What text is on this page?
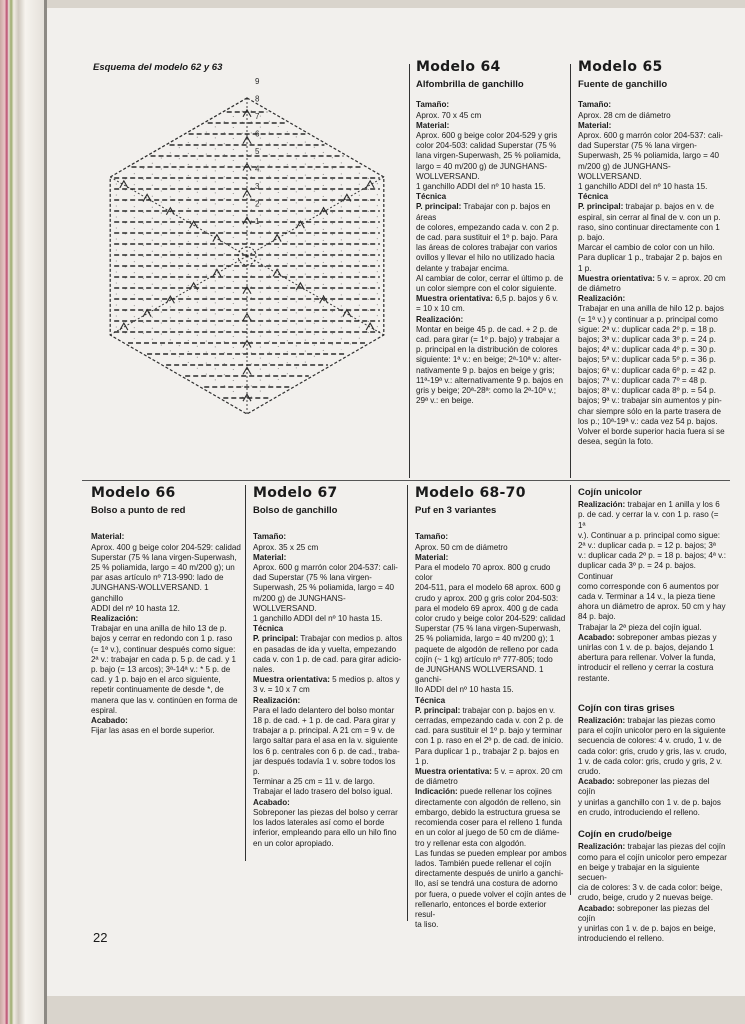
Esquema del modelo 62 y 63
9
8
7
6
5
4
3
2
1
Modelo 64
Alfombrilla de ganchillo

Tamaño:

Aprox. 70 x 45 cm

Material:

Aprox. 600 g beige color 204-529 y gris

color 204-503: calidad Superstar (75 %

lana virgen-Superwash, 25 % poliamida,

largo = 40 m/200 g) de JUNGHANS-

WOLLVERSAND.

1 ganchillo ADDI del nº 10 hasta 15.

Técnica

P. principal: Trabajar con p. bajos en áreas

de colores, empezando cada v. con 2 p.

de cad. para sustituir el 1º p. bajo. Para

las áreas de colores trabajar con varios

ovillos y llevar el hilo no utilizado hacia

delante y trabajar encima.

Al cambiar de color, cerrar el último p. de

un color siempre con el color siguiente.

Muestra orientativa: 6,5 p. bajos y 6 v.

= 10 x 10 cm.

Realización:

Montar en beige 45 p. de cad. + 2 p. de

cad. para girar (= 1º p. bajo) y trabajar a

p. principal en la distribución de colores

siguiente: 1ª v.: en beige; 2ª-10ª v.: alter-

nativamente 9 p. bajos en beige y gris;

11ª-19ª v.: alternativamente 9 p. bajos en

gris y beige; 20ª-28ª: como la 2ª-10ª v.;

29ª v.: en beige.

Modelo 65
Fuente de ganchillo

Tamaño:

Aprox. 28 cm de diámetro

Material:

Aprox. 600 g marrón color 204-537: cali-

dad Superstar (75 % lana virgen-

Superwash, 25 % poliamida, largo = 40

m/200 g) de JUNGHANS- WOLLVERSAND.

1 ganchillo ADDI del nº 10 hasta 15.

Técnica

P. principal: trabajar p. bajos en v. de

espiral, sin cerrar al final de v. con un p.

raso, sino continuar directamente con 1

p. bajo.

Marcar el cambio de color con un hilo.

Para duplicar 1 p., trabajar 2 p. bajos en

1 p.

Muestra orientativa: 5 v. = aprox. 20 cm

de diámetro

Realización:

Trabajar en una anilla de hilo 12 p. bajos

(= 1ª v.) y continuar a p. principal como

sigue: 2ª v.: duplicar cada 2º p. = 18 p.

bajos; 3ª v.: duplicar cada 3º p. = 24 p.

bajos; 4ª v.: duplicar cada 4º p. = 30 p.

bajos; 5ª v.: duplicar cada 5º p. = 36 p.

bajos; 6ª v.: duplicar cada 6º p. = 42 p.

bajos; 7ª v.: duplicar cada 7º = 48 p.

bajos; 8ª v.: duplicar cada 8º p. = 54 p.

bajos; 9ª v.: trabajar sin aumentos y pin-

char siempre sólo en la parte trasera de

los p.; 10ª-19ª v.: cada vez 54 p. bajos.

Volver el borde superior hacia fuera si se

desea, según la foto.

Modelo 66
Bolso a punto de red

Material:

Aprox. 400 g beige color 204-529: calidad

Superstar (75 % lana virgen-Superwash,

25 % poliamida, largo = 40 m/200 g); un

par asas artículo nº 713-990: lado de

JUNGHANS-WOLLVERSAND. 1 ganchillo

ADDI del nº 10 hasta 12.

Realización:

Trabajar en una anilla de hilo 13 de p.

bajos y cerrar en redondo con 1 p. raso

(= 1ª v.), continuar después como sigue:

2ª v.: trabajar en cada p. 5 p. de cad. y 1

p. bajo (= 13 arcos); 3ª-14ª v.: * 5 p. de

cad. y 1 p. bajo en el arco siguiente,

repetir continuamente de desde *, de

manera que las v. continúen en forma de

espiral.

Acabado:

Fijar las asas en el borde superior.

Modelo 67
Bolso de ganchillo

Tamaño:

Aprox. 35 x 25 cm

Material:

Aprox. 600 g marrón color 204-537: cali-

dad Superstar (75 % lana virgen-

Superwash, 25 % poliamida, largo = 40

m/200 g) de JUNGHANS- WOLLVERSAND.

1 ganchillo ADDI del nº 10 hasta 15.

Técnica

P. principal: Trabajar con medios p. altos

en pasadas de ida y vuelta, empezando

cada v. con 1 p. de cad. para girar adicio-

nales.

Muestra orientativa: 5 medios p. altos y

3 v. = 10 x 7 cm

Realización:

Para el lado delantero del bolso montar

18 p. de cad. + 1 p. de cad. Para girar y

trabajar a p. principal. A 21 cm = 9 v. de

largo saltar para el asa en la v. siguiente

los 6 p. centrales con 6 p. de cad., traba-

jar después todavía 1 v. sobre todos los p.

Terminar a 25 cm = 11 v. de largo.

Trabajar el lado trasero del bolso igual.

Acabado:

Sobreponer las piezas del bolso y cerrar

los lados laterales así como el borde

inferior, empleando para ello un hilo fino

en un color apropiado.

Modelo 68-70
Puf en 3 variantes

Tamaño:

Aprox. 50 cm de diámetro

Material:

Para el modelo 70 aprox. 800 g crudo color

204-511, para el modelo 68 aprox. 600 g

crudo y aprox. 200 g gris color 204-503:

para el modelo 69 aprox. 400 g de cada

color crudo y beige color 204-529: calidad

Superstar (75 % lana virgen-Superwash,

25 % poliamida, largo = 40 m/200 g); 1

paquete de algodón de relleno por cada

cojín (~ 1 kg) artículo nº 777-805; todo

de JUNGHANS WOLLVERSAND. 1 ganchi-

llo ADDI del nº 10 hasta 15.

Técnica

P. principal: trabajar con p. bajos en v.

cerradas, empezando cada v. con 2 p. de

cad. para sustituir el 1º p. bajo y terminar

con 1 p. raso en el 2º p. de cad. de inicio.

Para duplicar 1 p., trabajar 2 p. bajos en

1 p.

Muestra orientativa: 5 v. = aprox. 20 cm

de diámetro

Indicación: puede rellenar los cojines

directamente con algodón de relleno, sin

embargo, debido la estructura gruesa se

recomienda coser para el relleno 1 funda

en un color al juego de 50 cm de diáme-

tro y rellenar esta con algodón.

Las fundas se pueden emplear por ambos

lados. También puede rellenar el cojín

directamente después de unirlo a ganchi-

llo, así se tendrá una costura de adorno

por fuera, o puede volver el cojín antes de

rellenarlo, entonces el borde exterior resul-

ta liso.

Cojín unicolor

Realización: trabajar en 1 anilla y los 6

p. de cad. y cerrar la v. con 1 p. raso (= 1ª

v.). Continuar a p. principal como sigue:

2ª v.: duplicar cada p. = 12 p. bajos; 3ª

v.: duplicar cada 2º p. = 18 p. bajos; 4ª v.:

duplicar cada 3º p. = 24 p. bajos. Continuar

como corresponde con 6 aumentos por

cada v. Terminar a 14 v., la pieza tiene

ahora un diámetro de aprox. 50 cm y hay

84 p. bajo.

Trabajar la 2ª pieza del cojín igual.

Acabado: sobreponer ambas piezas y

unirlas con 1 v. de p. bajos, dejando 1

abertura para rellenar. Volver la funda,

introducir el relleno y cerrar la costura

restante.

Cojín con tiras grises

Realización: trabajar las piezas como

para el cojín unicolor pero en la siguiente

secuencia de colores: 4 v. crudo, 1 v. de

cada color: gris, crudo y gris, las v. crudo,

1 v. de cada color: gris, crudo y gris, 2 v.

crudo.

Acabado: sobreponer las piezas del cojín

y unirlas a ganchillo con 1 v. de p. bajos

en crudo, introduciendo el relleno.

Cojín en crudo/beige

Realización: trabajar las piezas del cojín

como para el cojín unicolor pero empezar

en beige y trabajar en la siguiente secuen-

cia de colores: 3 v. de cada color: beige,

crudo, beige, crudo y 2 nuevas beige.

Acabado: sobreponer las piezas del cojín

y unirlas con 1 v. de p. bajos en beige,

introduciendo el relleno.

22
